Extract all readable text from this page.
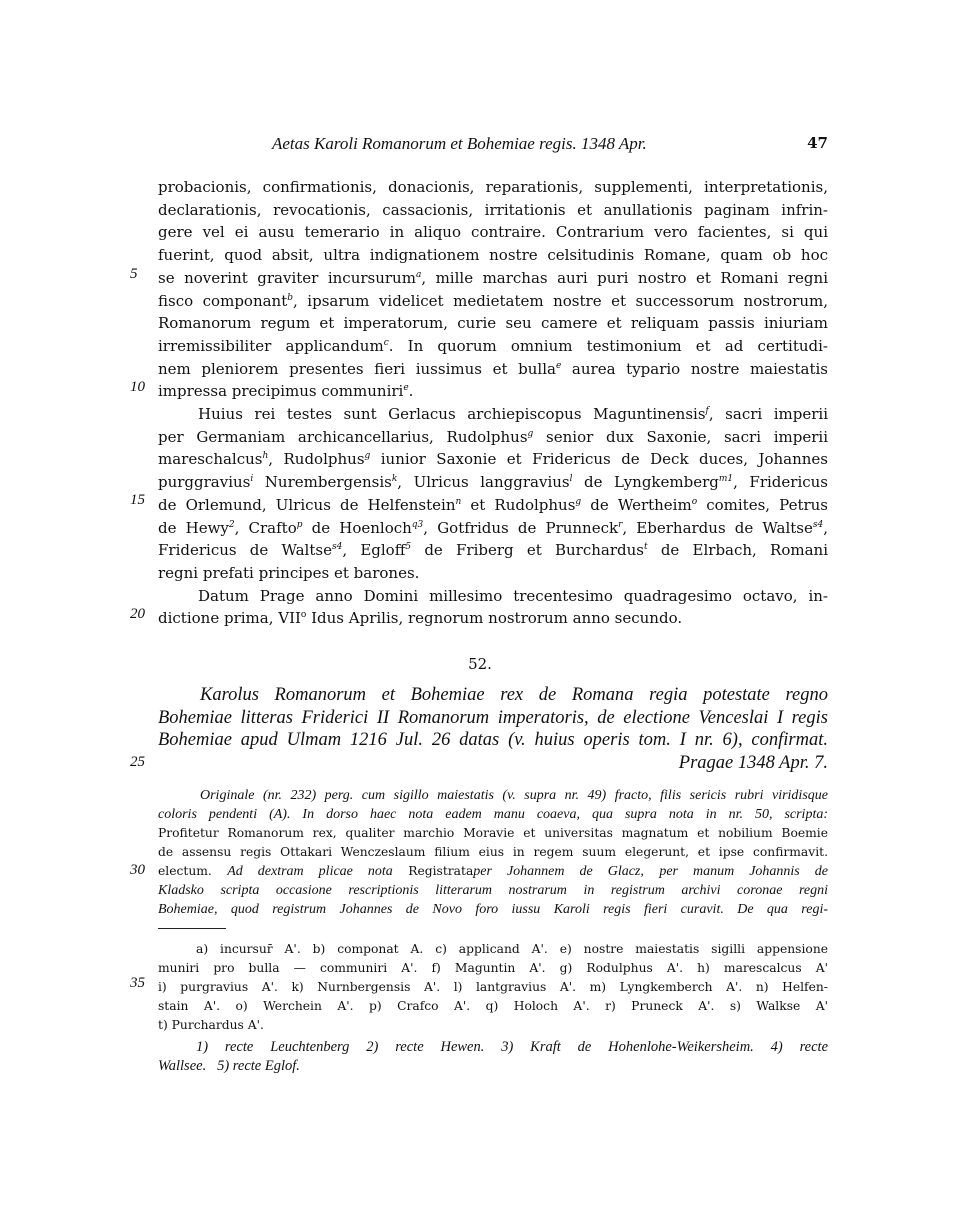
Aetas Karoli Romanorum et Bohemiae regis. 1348 Apr.	47
5
10
15
20
25
30
35

probacionis, confirmationis, donacionis, reparationis, supplementi, interpretationis,

declarationis, revocationis, cassacionis, irritationis et anullationis paginam infrin-

gere vel ei ausu temerario in aliquo contraire. Contrarium vero facientes, si qui

fuerint, quod absit, ultra indignationem nostre celsitudinis Romane, quam ob hoc

se noverint graviter incursurum$^a$, mille marchas auri puri nostro et Romani regni

fisco componant$^b$, ipsarum videlicet medietatem nostre et successorum nostrorum,

Romanorum regum et imperatorum, curie seu camere et reliquam passis iniuriam

irremissibiliter applicandum$^c$. In quorum omnium testimonium et ad certitudi-

nem pleniorem presentes fieri iussimus et bulla$^e$ aurea typario nostre maiestatis

impressa precipimus communiri$^e$.

Huius rei testes sunt Gerlacus archiepiscopus Maguntinensis$^f$, sacri imperii

per Germaniam archicancellarius, Rudolphus$^g$ senior dux Saxonie, sacri imperii

mareschalcus$^h$, Rudolphus$^g$ iunior Saxonie et Fridericus de Deck duces, Johannes

purggravius$^i$ Nurembergensis$^k$, Ulricus langgravius$^l$ de Lyngkemberg$^{m1}$, Fridericus

de Orlemund, Ulricus de Helfenstein$^n$ et Rudolphus$^g$ de Wertheim$^o$ comites, Petrus

de Hewy$^2$, Crafto$^p$ de Hoenloch$^{q3}$, Gotfridus de Prunneck$^r$, Eberhardus de Waltse$^{s4}$,

Fridericus de Waltse$^{s4}$, Egloff$^5$ de Friberg et Burchardus$^t$ de Elrbach, Romani

regni prefati principes et barones.

Datum Prage anno Domini millesimo trecentesimo quadragesimo octavo, in-

dictione prima, VII$^o$ Idus Aprilis, regnorum nostrorum anno secundo.

52.

Karolus Romanorum et Bohemiae rex de Romana regia potestate regno

Bohemiae litteras Friderici II Romanorum imperatoris, de electione Venceslai I regis

Bohemiae apud Ulmam 1216 Jul. 26 datas (v. huius operis tom. I nr. 6), confirmat.

Pragae 1348 Apr. 7.

Originale (nr. 232) perg. cum sigillo maiestatis (v. supra nr. 49) fracto, filis sericis rubri viridisque

coloris pendenti (A). In dorso haec nota eadem manu coaeva, qua supra nota in nr. 50, scripta:

Profitetur Romanorum rex, qualiter marchio Moravie et universitas magnatum et nobilium Boemie

de assensu regis Ottakari Wenczeslaum filium eius in regem suum elegerunt, et ipse confirmavit.

electum. Ad dextram plicae nota Registrataper Johannem de Glacz, per manum Johannis de

Kladsko scripta occasione rescriptionis litterarum nostrarum in registrum archivi coronae regni

Bohemiae, quod registrum Johannes de Novo foro iussu Karoli regis fieri curavit. De qua regi-

a) incursur̄ A'. b) componat A. c) applicand A'. e) nostre maiestatis sigilli appensione

muniri pro bulla — communiri A'. f) Maguntin A'. g) Rodulphus A'. h) marescalcus A'

i) purgravius A'. k) Nurnbergensis A'. l) lantgravius A'. m) Lyngkemberch A'. n) Helfen-

stain A'. o) Werchein A'. p) Crafco A'. q) Holoch A'. r) Pruneck A'. s) Walkse A'

t) Purchardus A'.

1) recte Leuchtenberg 2) recte Hewen. 3) Kraft de Hohenlohe-Weikersheim. 4) recte

Wallsee. 5) recte Eglof.
